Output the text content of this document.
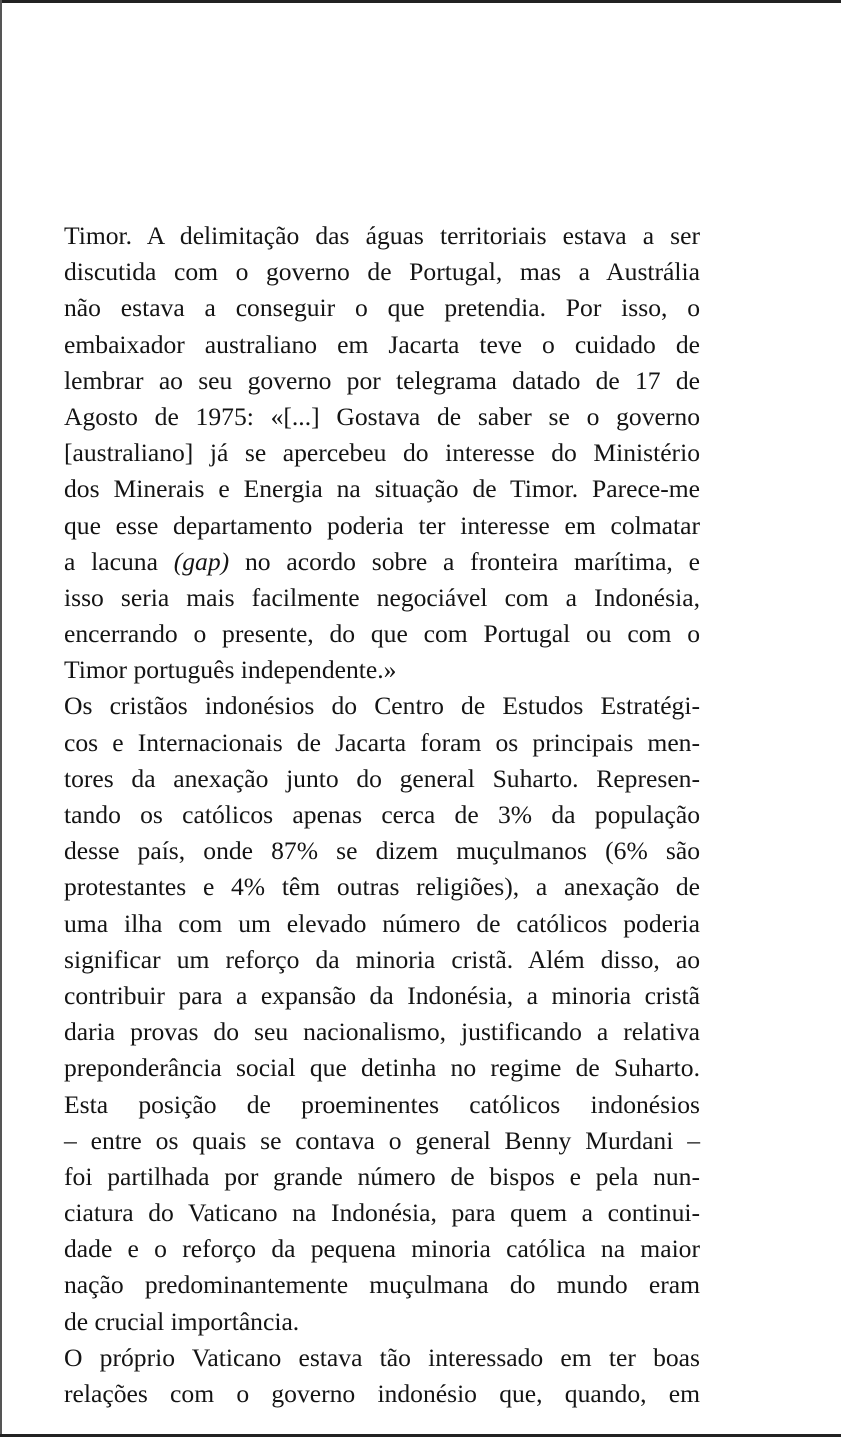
Timor. A delimitação das águas territoriais estava a ser
discutida com o governo de Portugal, mas a Austrália
não estava a conseguir o que pretendia. Por isso, o
embaixador australiano em Jacarta teve o cuidado de
lembrar ao seu governo por telegrama datado de 17 de
Agosto de 1975: «[...] Gostava de saber se o governo
[australiano] já se apercebeu do interesse do Ministério
dos Minerais e Energia na situação de Timor. Parece-me
que esse departamento poderia ter interesse em colmatar
a lacuna (gap) no acordo sobre a fronteira marítima, e
isso seria mais facilmente negociável com a Indonésia,
encerrando o presente, do que com Portugal ou com o
Timor português independente.»
Os cristãos indonésios do Centro de Estudos Estratégi-
cos e Internacionais de Jacarta foram os principais men-
tores da anexação junto do general Suharto. Represen-
tando os católicos apenas cerca de 3% da população
desse país, onde 87% se dizem muçulmanos (6% são
protestantes e 4% têm outras religiões), a anexação de
uma ilha com um elevado número de católicos poderia
significar um reforço da minoria cristã. Além disso, ao
contribuir para a expansão da Indonésia, a minoria cristã
daria provas do seu nacionalismo, justificando a relativa
preponderância social que detinha no regime de Suharto.
Esta posição de proeminentes católicos indonésios
– entre os quais se contava o general Benny Murdani –
foi partilhada por grande número de bispos e pela nun-
ciatura do Vaticano na Indonésia, para quem a continui-
dade e o reforço da pequena minoria católica na maior
nação predominantemente muçulmana do mundo eram
de crucial importância.
O próprio Vaticano estava tão interessado em ter boas
relações com o governo indonésio que, quando, em
